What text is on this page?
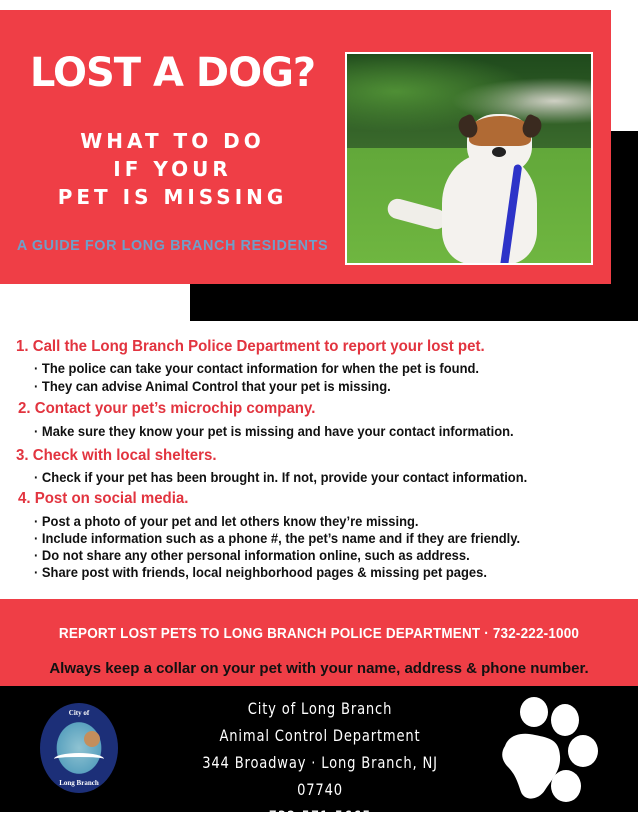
LOST A DOG?
WHAT TO DO
IF YOUR
PET IS MISSING
A GUIDE FOR LONG BRANCH RESIDENTS
1. Call the Long Branch Police Department to report your lost pet.
· The police can take your contact information for when the pet is found.
· They can advise Animal Control that your pet is missing.
2. Contact your pet’s microchip company.
· Make sure they know your pet is missing and have your contact information.
3. Check with local shelters.
· Check if your pet has been brought in. If not, provide your contact information.
4. Post on social media.
· Post a photo of your pet and let others know they’re missing.
· Include information such as a phone #, the pet’s name and if they are friendly.
· Do not share any other personal information online, such as address.
· Share post with friends, local neighborhood pages & missing pet pages.
REPORT LOST PETS TO LONG BRANCH POLICE DEPARTMENT · 732-222-1000
Always keep a collar on your pet with your name, address & phone number.
City of
Long Branch
City of Long Branch
Animal Control Department
344 Broadway · Long Branch, NJ 07740
732-571-5665
